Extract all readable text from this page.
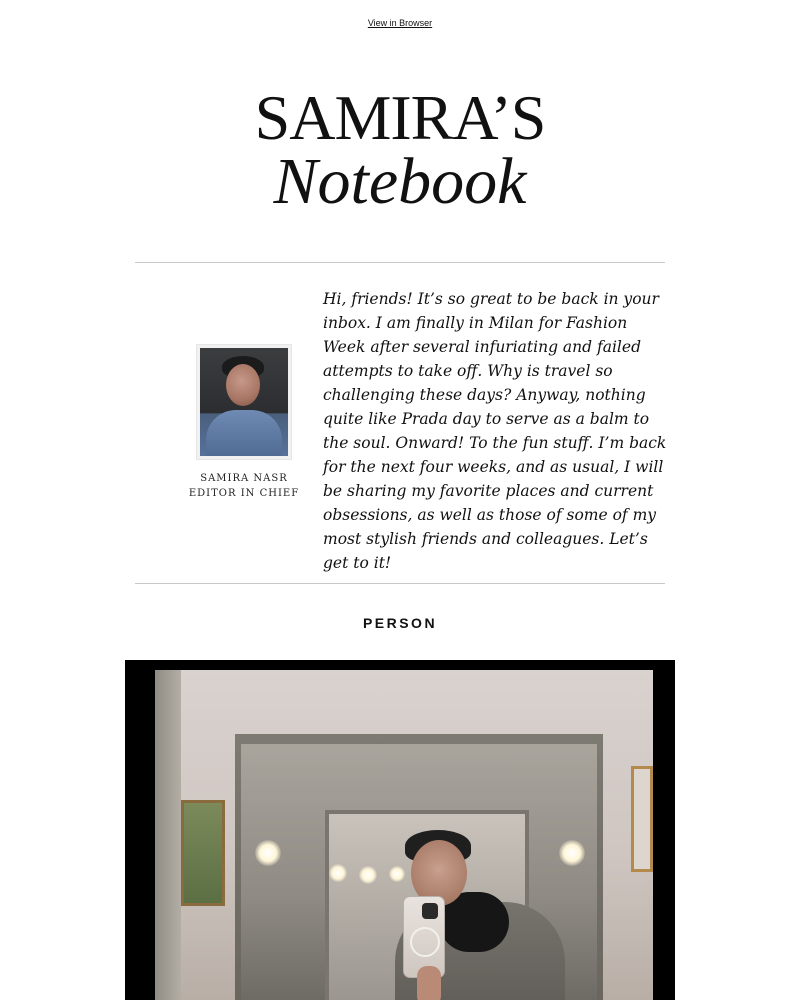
View in Browser
SAMIRA’S
Notebook
SAMIRA NASR
EDITOR IN CHIEF
Hi, friends! It’s so great to be back in your inbox. I am finally in Milan for Fashion Week after several infuriating and failed attempts to take off. Why is travel so challenging these days? Anyway, nothing quite like Prada day to serve as a balm to the soul. Onward! To the fun stuff. I’m back for the next four weeks, and as usual, I will be sharing my favorite places and current obsessions, as well as those of some of my most stylish friends and colleagues. Let’s get to it!
PERSON
